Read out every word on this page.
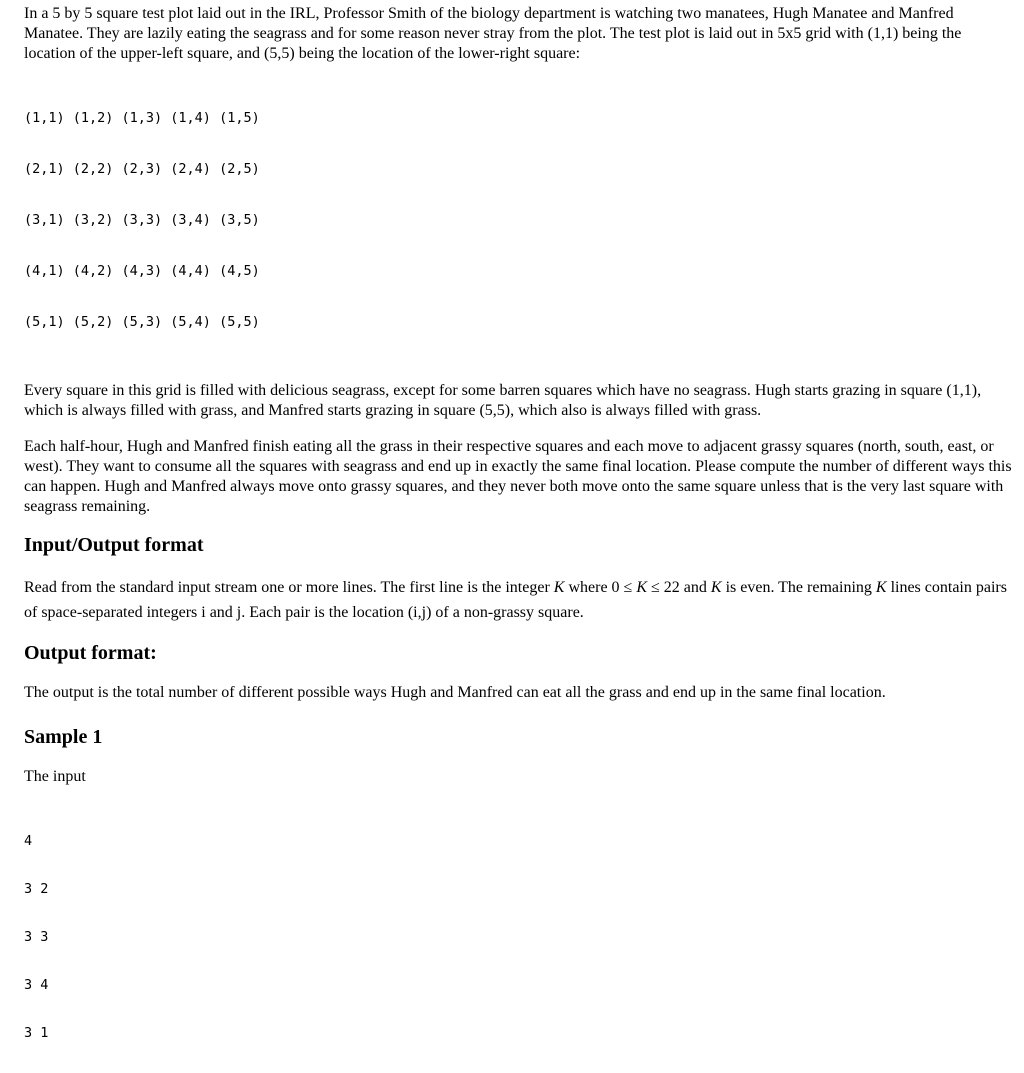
In a 5 by 5 square test plot laid out in the IRL, Professor Smith of the biology department is watching two manatees, Hugh Manatee and Manfred Manatee. They are lazily eating the seagrass and for some reason never stray from the plot. The test plot is laid out in 5x5 grid with (1,1) being the location of the upper-left square, and (5,5) being the location of the lower-right square:

(1,1) (1,2) (1,3) (1,4) (1,5)

(2,1) (2,2) (2,3) (2,4) (2,5)

(3,1) (3,2) (3,3) (3,4) (3,5)

(4,1) (4,2) (4,3) (4,4) (4,5)

(5,1) (5,2) (5,3) (5,4) (5,5)

Every square in this grid is filled with delicious seagrass, except for some barren squares which have no seagrass. Hugh starts grazing in square (1,1), which is always filled with grass, and Manfred starts grazing in square (5,5), which also is always filled with grass.

Each half-hour, Hugh and Manfred finish eating all the grass in their respective squares and each move to adjacent grassy squares (north, south, east, or west). They want to consume all the squares with seagrass and end up in exactly the same final location. Please compute the number of different ways this can happen. Hugh and Manfred always move onto grassy squares, and they never both move onto the same square unless that is the very last square with seagrass remaining.

Input/Output format

Read from the standard input stream one or more lines. The first line is the integer K where 0 ≤ K ≤ 22 and K is even. The remaining K lines contain pairs of space-separated integers i and j. Each pair is the location (i,j) of a non-grassy square.

Output format:

The output is the total number of different possible ways Hugh and Manfred can eat all the grass and end up in the same final location.

Sample 1

The input

4

3 2

3 3

3 4

3 1
